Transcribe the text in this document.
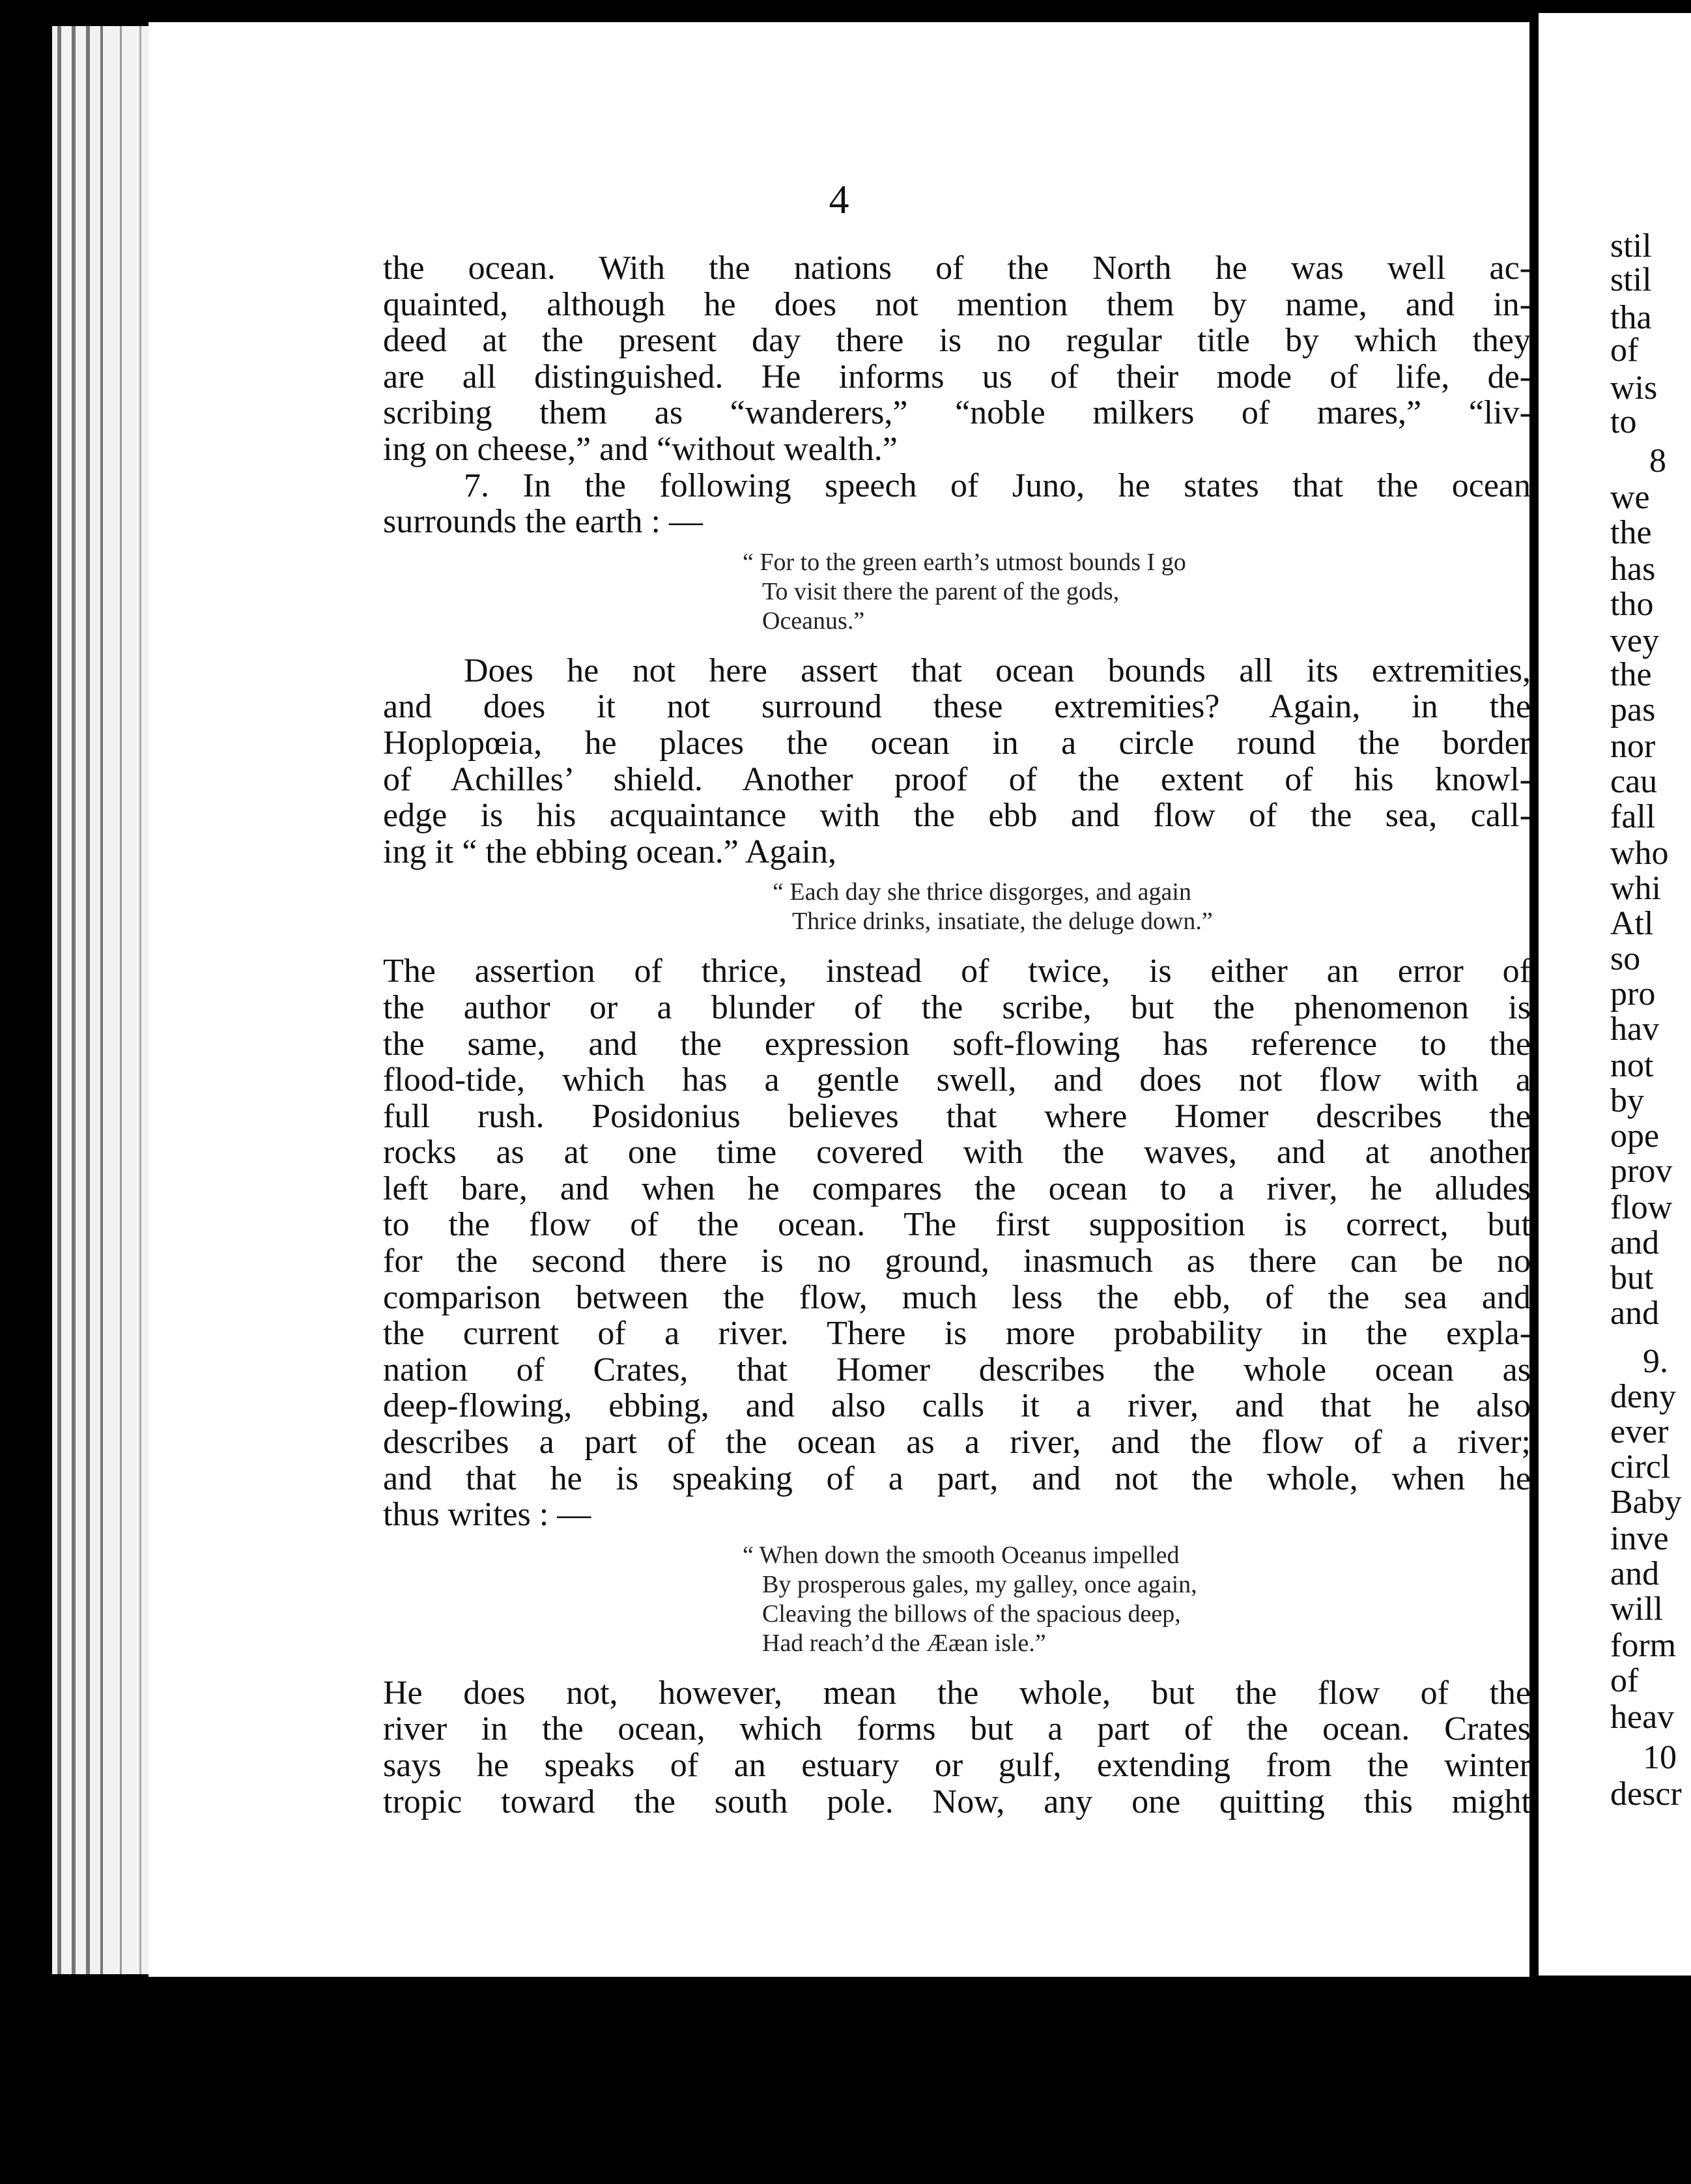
4

the ocean. With the nations of the North he was well ac-

quainted, although he does not mention them by name, and in-

deed at the present day there is no regular title by which they

are all distinguished. He informs us of their mode of life, de-

scribing them as “wanderers,” “noble milkers of mares,” “liv-

ing on cheese,” and “without wealth.”

7. In the following speech of Juno, he states that the ocean

surrounds the earth : —

“ For to the green earth’s utmost bounds I go
To visit there the parent of the gods,
Oceanus.”

Does he not here assert that ocean bounds all its extremities,

and does it not surround these extremities? Again, in the

Hoplopœia, he places the ocean in a circle round the border

of Achilles’ shield. Another proof of the extent of his knowl-

edge is his acquaintance with the ebb and flow of the sea, call-

ing it “ the ebbing ocean.” Again,

“ Each day she thrice disgorges, and again
Thrice drinks, insatiate, the deluge down.”

The assertion of thrice, instead of twice, is either an error of

the author or a blunder of the scribe, but the phenomenon is

the same, and the expression soft-flowing has reference to the

flood-tide, which has a gentle swell, and does not flow with a

full rush. Posidonius believes that where Homer describes the

rocks as at one time covered with the waves, and at another

left bare, and when he compares the ocean to a river, he alludes

to the flow of the ocean. The first supposition is correct, but

for the second there is no ground, inasmuch as there can be no

comparison between the flow, much less the ebb, of the sea and

the current of a river. There is more probability in the expla-

nation of Crates, that Homer describes the whole ocean as

deep-flowing, ebbing, and also calls it a river, and that he also

describes a part of the ocean as a river, and the flow of a river;

and that he is speaking of a part, and not the whole, when he

thus writes : —

“ When down the smooth Oceanus impelled
By prosperous gales, my galley, once again,
Cleaving the billows of the spacious deep,
Had reach’d the Ææan isle.”

He does not, however, mean the whole, but the flow of the

river in the ocean, which forms but a part of the ocean. Crates

says he speaks of an estuary or gulf, extending from the winter

tropic toward the south pole. Now, any one quitting this might

stil
stil
tha
of
wis
to
8
we
the
has
tho
vey
the
pas
nor
cau
fall
who
whi
Atl
so
pro
hav
not
by
ope
prov
flow
and
but
and
9.
deny
ever
circl
Baby
inve
and
will
form
of
heav
10
descr
